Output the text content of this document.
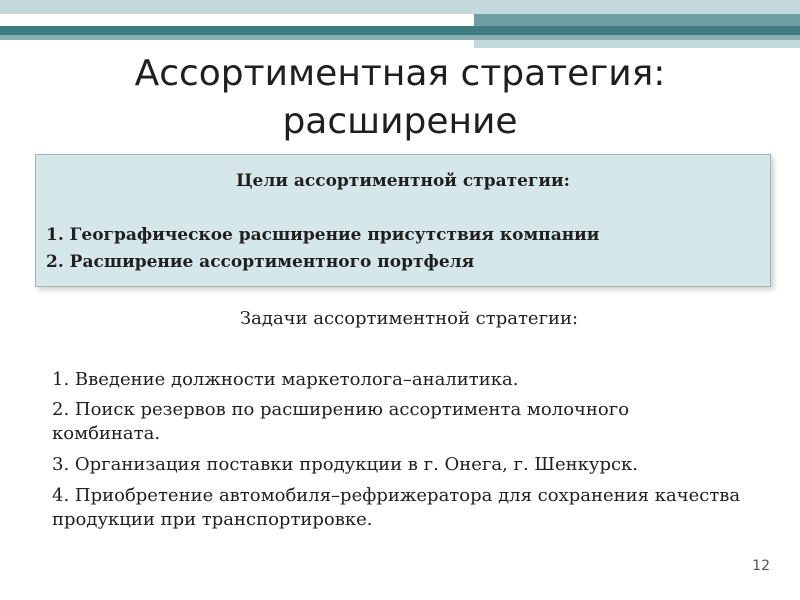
Ассортиментная стратегия:
расширение
Цели ассортиментной стратегии:
1. Географическое расширение присутствия компании
2. Расширение ассортиментного портфеля
Задачи ассортиментной стратегии:
1. Введение должности маркетолога–аналитика.
2. Поиск резервов по расширению ассортимента молочного комбината.
3. Организация поставки продукции в г. Онега, г. Шенкурск.
4. Приобретение автомобиля–рефрижератора для сохранения качества продукции при транспортировке.
12
